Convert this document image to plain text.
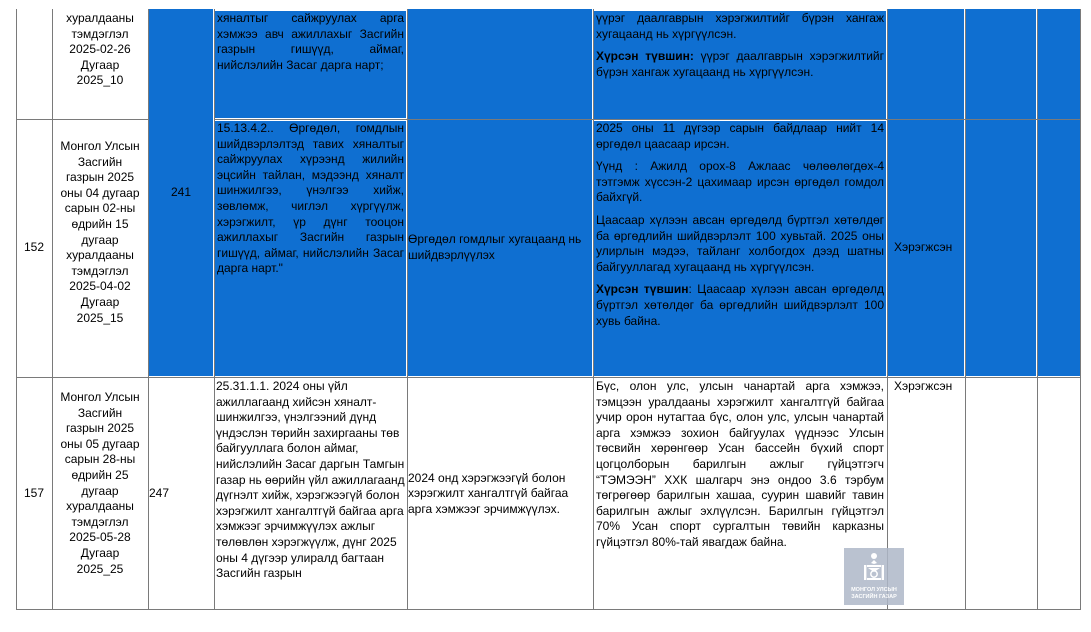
хуралдааны
тэмдэглэл
2025-02-26
Дугаар
2025_10
241
хяналтыг сайжруулах арга хэмжээ авч ажиллахыг Засгийн газрын гишүүд, аймаг, нийслэлийн Засаг дарга нарт;
үүрэг даалгаврын хэрэгжилтийг бүрэн хангаж хугацаанд нь хүргүүлсэн.
Хүрсэн түвшин: үүрэг даалгаврын хэрэгжилтийг бүрэн хангаж хугацаанд нь хүргүүлсэн.
152
Монгол Улсын
Засгийн
газрын 2025
оны 04 дугаар
сарын 02-ны
өдрийн 15
дугаар
хуралдааны
тэмдэглэл
2025-04-02
Дугаар
2025_15
15.13.4.2.. Өргөдөл, гомдлын шийдвэрлэлтэд тавих хяналтыг сайжруулах хүрээнд жилийн эцсийн тайлан, мэдээнд хяналт шинжилгээ, үнэлгээ хийж, зөвлөмж, чиглэл хүргүүлж, хэрэгжилт, үр дүнг тооцон ажиллахыг Засгийн газрын гишүүд, аймаг, нийслэлийн Засаг дарга нарт."
Өргөдөл гомдлыг хугацаанд нь шийдвэрлүүлэх
2025 оны 11 дүгээр сарын байдлаар нийт 14 өргөдөл цаасаар ирсэн.
Үүнд : Ажилд орох-8 Ажлаас чөлөөлөгдөх-4 тэтгэмж хүссэн-2 цахимаар ирсэн өргөдөл гомдол байхгүй.
Цаасаар хүлээн авсан өргөдөлд бүртгэл хөтөлдөг ба өргөдлийн шийдвэрлэлт 100 хувьтай. 2025 оны улирлын мэдээ, тайланг холбогдох дээд шатны байгууллагад хугацаанд нь хүргүүлсэн.
Хүрсэн түвшин: Цаасаар хүлээн авсан өргөдөлд бүртгэл хөтөлдөг ба өргөдлийн шийдвэрлэлт 100 хувь байна.
Хэрэгжсэн
157
Монгол Улсын
Засгийн
газрын 2025
оны 05 дугаар
сарын 28-ны
өдрийн 25
дугаар
хуралдааны
тэмдэглэл
2025-05-28
Дугаар
2025_25
247
25.31.1.1. 2024 оны үйл ажиллагаанд хийсэн хяналт-шинжилгээ, үнэлгээний дүнд үндэслэн төрийн захиргааны төв байгууллага болон аймаг, нийслэлийн Засаг даргын Тамгын газар нь өөрийн үйл ажиллагаанд дүгнэлт хийж, хэрэгжээгүй болон хэрэгжилт хангалтгүй байгаа арга хэмжээг эрчимжүүлэх ажлыг төлөвлөн хэрэгжүүлж, дүнг 2025 оны 4 дүгээр улиралд багтаан Засгийн газрын
2024 онд хэрэгжээгүй болон хэрэгжилт хангалтгүй байгаа арга хэмжээг эрчимжүүлэх.
Бүс, олон улс, улсын чанартай арга хэмжээ, тэмцээн уралдааны хэрэгжилт хангалтгүй байгаа учир орон нутагтаа бүс, олон улс, улсын чанартай арга хэмжээ зохион байгуулах үүднээс Улсын төсвийн хөрөнгөөр Усан бассейн бүхий спорт цогцолборын барилгын ажлыг гүйцэтгэгч “ТЭМЭЭН” ХХК шалгарч энэ ондоо 3.6 тэрбум төгрөгөөр барилгын хашаа, суурин шавийг тавин барилгын ажлыг эхлүүлсэн. Барилгын гүйцэтгэл 70% Усан спорт сургалтын төвийн карказны гүйцэтгэл 80%-тай явагдаж байна.
Хэрэгжсэн
МОНГОЛ УЛСЫН
ЗАСГИЙН ГАЗАР
